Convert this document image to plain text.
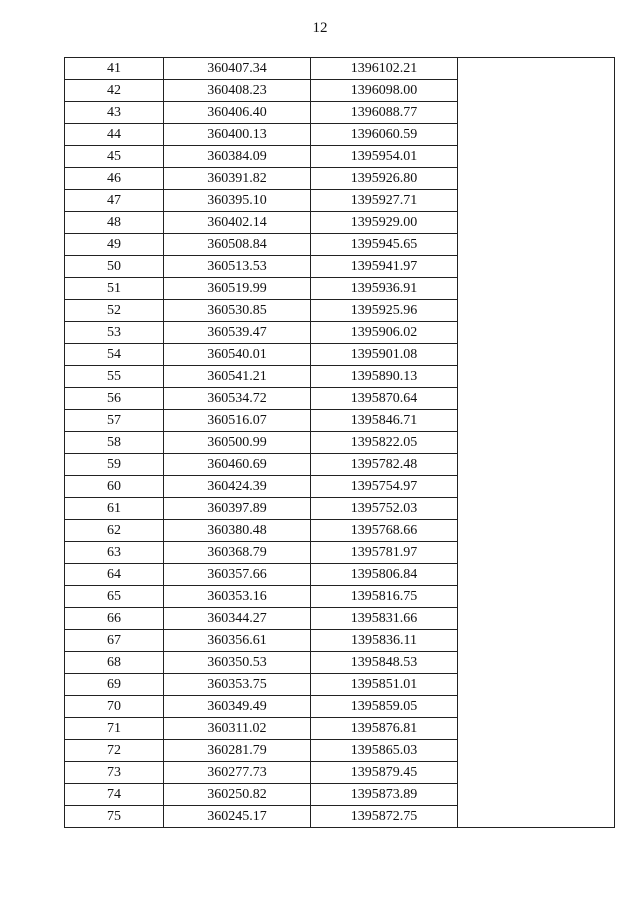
12
41	360407.34	1396102.21	
42	360408.23	1396098.00	
43	360406.40	1396088.77	
44	360400.13	1396060.59	
45	360384.09	1395954.01	
46	360391.82	1395926.80	
47	360395.10	1395927.71	
48	360402.14	1395929.00	
49	360508.84	1395945.65	
50	360513.53	1395941.97	
51	360519.99	1395936.91	
52	360530.85	1395925.96	
53	360539.47	1395906.02	
54	360540.01	1395901.08	
55	360541.21	1395890.13	
56	360534.72	1395870.64	
57	360516.07	1395846.71	
58	360500.99	1395822.05	
59	360460.69	1395782.48	
60	360424.39	1395754.97	
61	360397.89	1395752.03	
62	360380.48	1395768.66	
63	360368.79	1395781.97	
64	360357.66	1395806.84	
65	360353.16	1395816.75	
66	360344.27	1395831.66	
67	360356.61	1395836.11	
68	360350.53	1395848.53	
69	360353.75	1395851.01	
70	360349.49	1395859.05	
71	360311.02	1395876.81	
72	360281.79	1395865.03	
73	360277.73	1395879.45	
74	360250.82	1395873.89	
75	360245.17	1395872.75	
